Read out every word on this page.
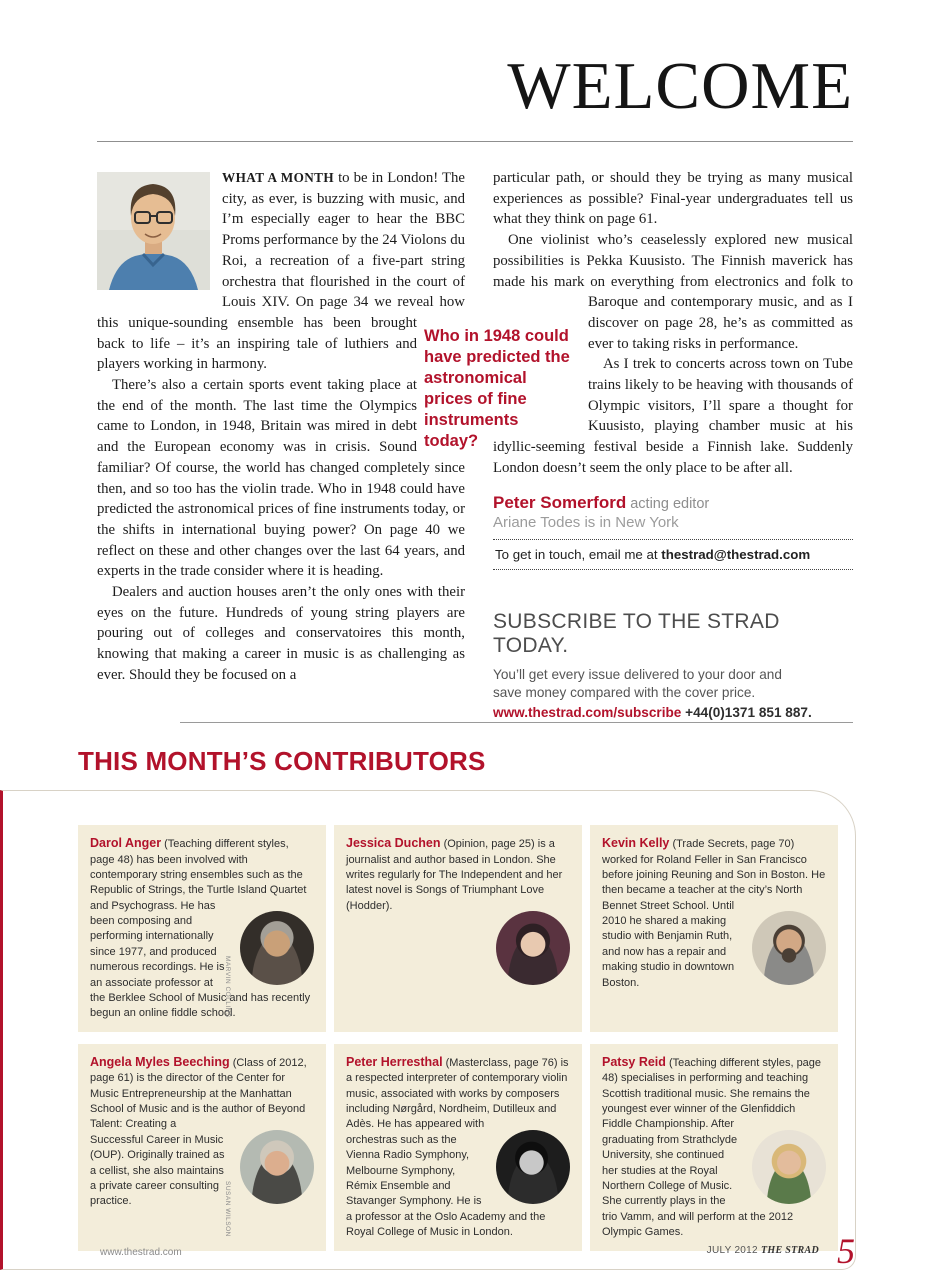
WELCOME

WHAT A MONTH to be in London! The city, as ever, is buzzing with music, and I’m especially eager to hear the BBC Proms performance by the 24 Violons du Roi, a recreation of a five-part string orchestra that flourished in the court of Louis XIV. On page 34 we reveal how
this unique-sounding ensemble has been brought back to life – it’s an inspiring tale of luthiers and players working in harmony.

There’s also a certain sports event taking place at the end of the month. The last time the Olympics came to London, in 1948, Britain was mired in debt and the European economy was in crisis. Sound familiar? Of course, the world has changed completely since then, and so too has the violin trade. Who in 1948 could have predicted the astronomical prices of fine instruments today, or the shifts in international buying power? On page 40 we reflect on these and other changes over the last 64 years, and experts in the trade consider where it is heading.

Dealers and auction houses aren’t the only ones with their eyes on the future. Hundreds of young string players are pouring out of colleges and conservatoires this month, knowing that making a career in music is as challenging as ever. Should they be focused on a

particular path, or should they be trying as many musical experiences as possible? Final-year undergraduates tell us what they think on page 61.

One violinist who’s ceaselessly explored new musical possibilities is Pekka Kuusisto. The Finnish maverick has made his mark on everything from electronics and
folk to Baroque and contemporary music, and as I discover on page 28, he’s as committed as ever to taking risks in performance.

As I trek to concerts across town on Tube trains likely to be heaving with thousands of Olympic visitors, I’ll spare a thought for Kuusisto, playing chamber music at his idyllic-seeming festival beside a Finnish lake. Suddenly London doesn’t seem the only place to be after all.

Peter Somerford acting editor
Ariane Todes is in New York
To get in touch, email me at thestrad@thestrad.com
SUBSCRIBE TO THE STRAD TODAY.
You’ll get every issue delivered to your door and save money compared with the cover price.
www.thestrad.com/subscribe +44(0)1371 851 887.
Who in 1948 could have predicted the astronomical prices of fine instruments today?
THIS MONTH’S CONTRIBUTORS

Darol Anger (Teaching different styles, page 48) has been involved with contemporary string ensembles such as the Republic of Strings, the Turtle Island Quartet and Psychograss. He has been composing and performing internationally since 1977, and produced numerous recordings. He is an associate professor at the Berklee School of Music and has recently begun an online fiddle school.

MARVIN COLLINS

Jessica Duchen (Opinion, page 25) is a journalist and author based in London. She writes regularly for The Independent and her latest novel is Songs of Triumphant Love (Hodder).

Kevin Kelly (Trade Secrets, page 70) worked for Roland Feller in San Francisco before joining Reuning and Son in Boston. He then became a teacher at the city’s North Bennet Street School. Until 2010 he shared a making studio with Benjamin Ruth, and now has a repair and making studio in downtown Boston.

Angela Myles Beeching (Class of 2012, page 61) is the director of the Center for Music Entrepreneurship at the Manhattan School of Music and is the author of Beyond Talent: Creating a Successful Career in Music (OUP). Originally trained as a cellist, she also maintains a private career consulting practice.	SUSAN WILSON

Peter Herresthal (Masterclass, page 76) is a respected interpreter of contemporary violin music, associated with works by composers including Nørgård, Nordheim, Dutilleux and Adès. He has appeared with orchestras such as the Vienna Radio Symphony, Melbourne Symphony, Rémix Ensemble and Stavanger Symphony. He is a professor at the Oslo Academy and the Royal College of Music in London.

Patsy Reid (Teaching different styles, page 48) specialises in performing and teaching Scottish traditional music. She remains the youngest ever winner of the Glenfiddich Fiddle Championship. After graduating from Strathclyde University, she continued her studies at the Royal Northern College of Music. She currently plays in the trio Vamm, and will perform at the 2012 Olympic Games.

www.thestrad.com	JULY 2012 THE STRAD 5
